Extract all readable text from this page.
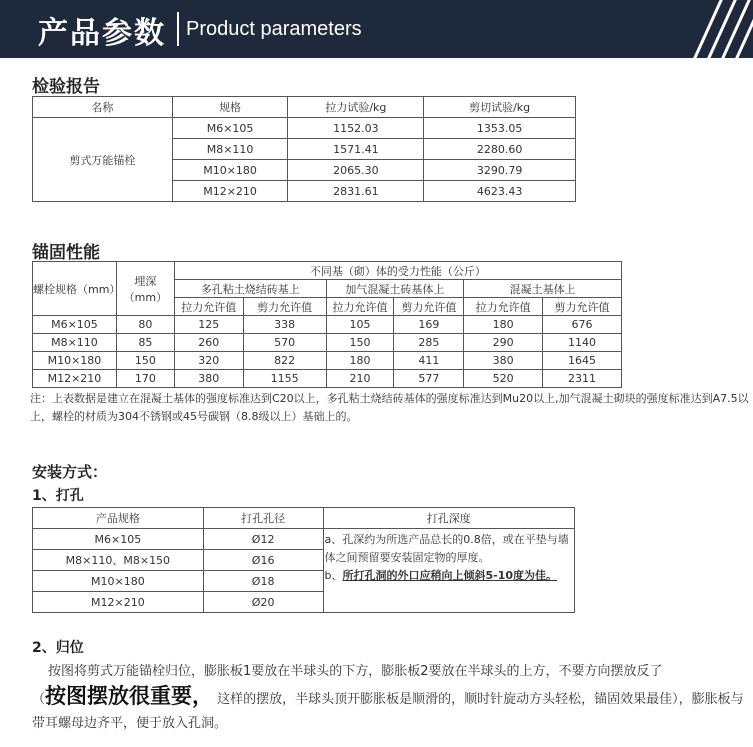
产品参数 Product parameters
检验报告
名称	规格	拉力试验/kg	剪切试验/kg
剪式万能锚栓	M6×105	1152.03	1353.05
	M8×110	1571.41	2280.60
	M10×180	2065.30	3290.79
	M12×210	2831.61	4623.43
锚固性能
螺栓规格（mm）	埋深（mm）	不同基（砌）体的受力性能（公斤）					
		多孔粘土烧结砖基上		加气混凝土砖基体上		混凝土基体上	
		拉力允许值	剪力允许值	拉力允许值	剪力允许值	拉力允许值	剪力允许值
M6×105	80	125	338	105	169	180	676
M8×110	85	260	570	150	285	290	1140
M10×180	150	320	822	180	411	380	1645
M12×210	170	380	1155	210	577	520	2311
注：上表数据是建立在混凝土基体的强度标准达到C20以上，多孔粘土烧结砖基体的强度标准达到Mu20以上,加气混凝土砌块的强度标准达到A7.5以上，螺栓的材质为304不锈钢或45号碳钢（8.8级以上）基础上的。
安装方式：
1、打孔
产品规格	打孔孔径	打孔深度
M6×105	Ø12	a、孔深约为所选产品总长的0.8倍，或在平垫与墙体之间预留要安装固定物的厚度。
b、所打孔洞的外口应稍向上倾斜5-10度为佳。
M8×110、M8×150	Ø16	
M10×180	Ø18	
M12×210	Ø20	
2、归位
按图将剪式万能锚栓归位，膨胀板1要放在半球头的下方，膨胀板2要放在半球头的上方，不要方向摆放反了
（按图摆放很重要， 这样的摆放，半球头顶开膨胀板是顺滑的，顺时针旋动方头轻松，锚固效果最佳），膨胀板与带耳螺母边齐平，便于放入孔洞。
